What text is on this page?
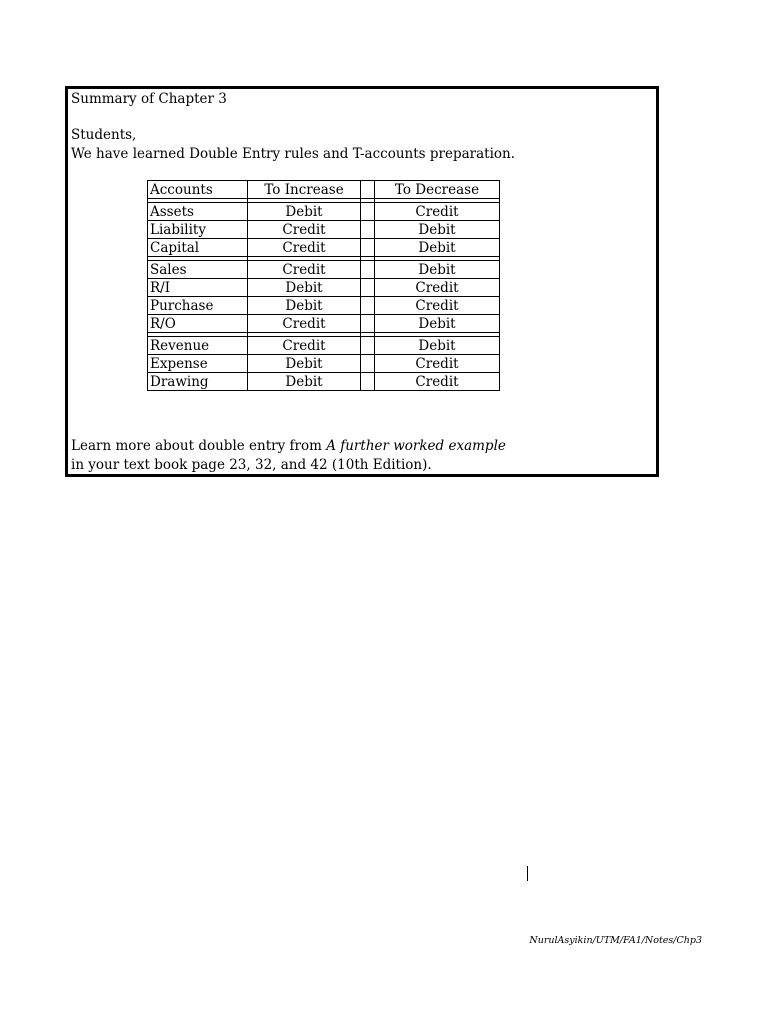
Summary of Chapter 3
Students,
We have learned Double Entry rules and T-accounts preparation.
Accounts	To Increase		To Decrease

Assets	Debit		Credit
Liability	Credit		Debit
Capital	Credit		Debit

Sales	Credit		Debit
R/I	Debit		Credit
Purchase	Debit		Credit
R/O	Credit		Debit

Revenue	Credit		Debit
Expense	Debit		Credit
Drawing	Debit		Credit
Learn more about double entry from A further worked example
in your text book page 23, 32, and 42 (10th Edition).
NurulAsyikin/UTM/FA1/Notes/Chp3
